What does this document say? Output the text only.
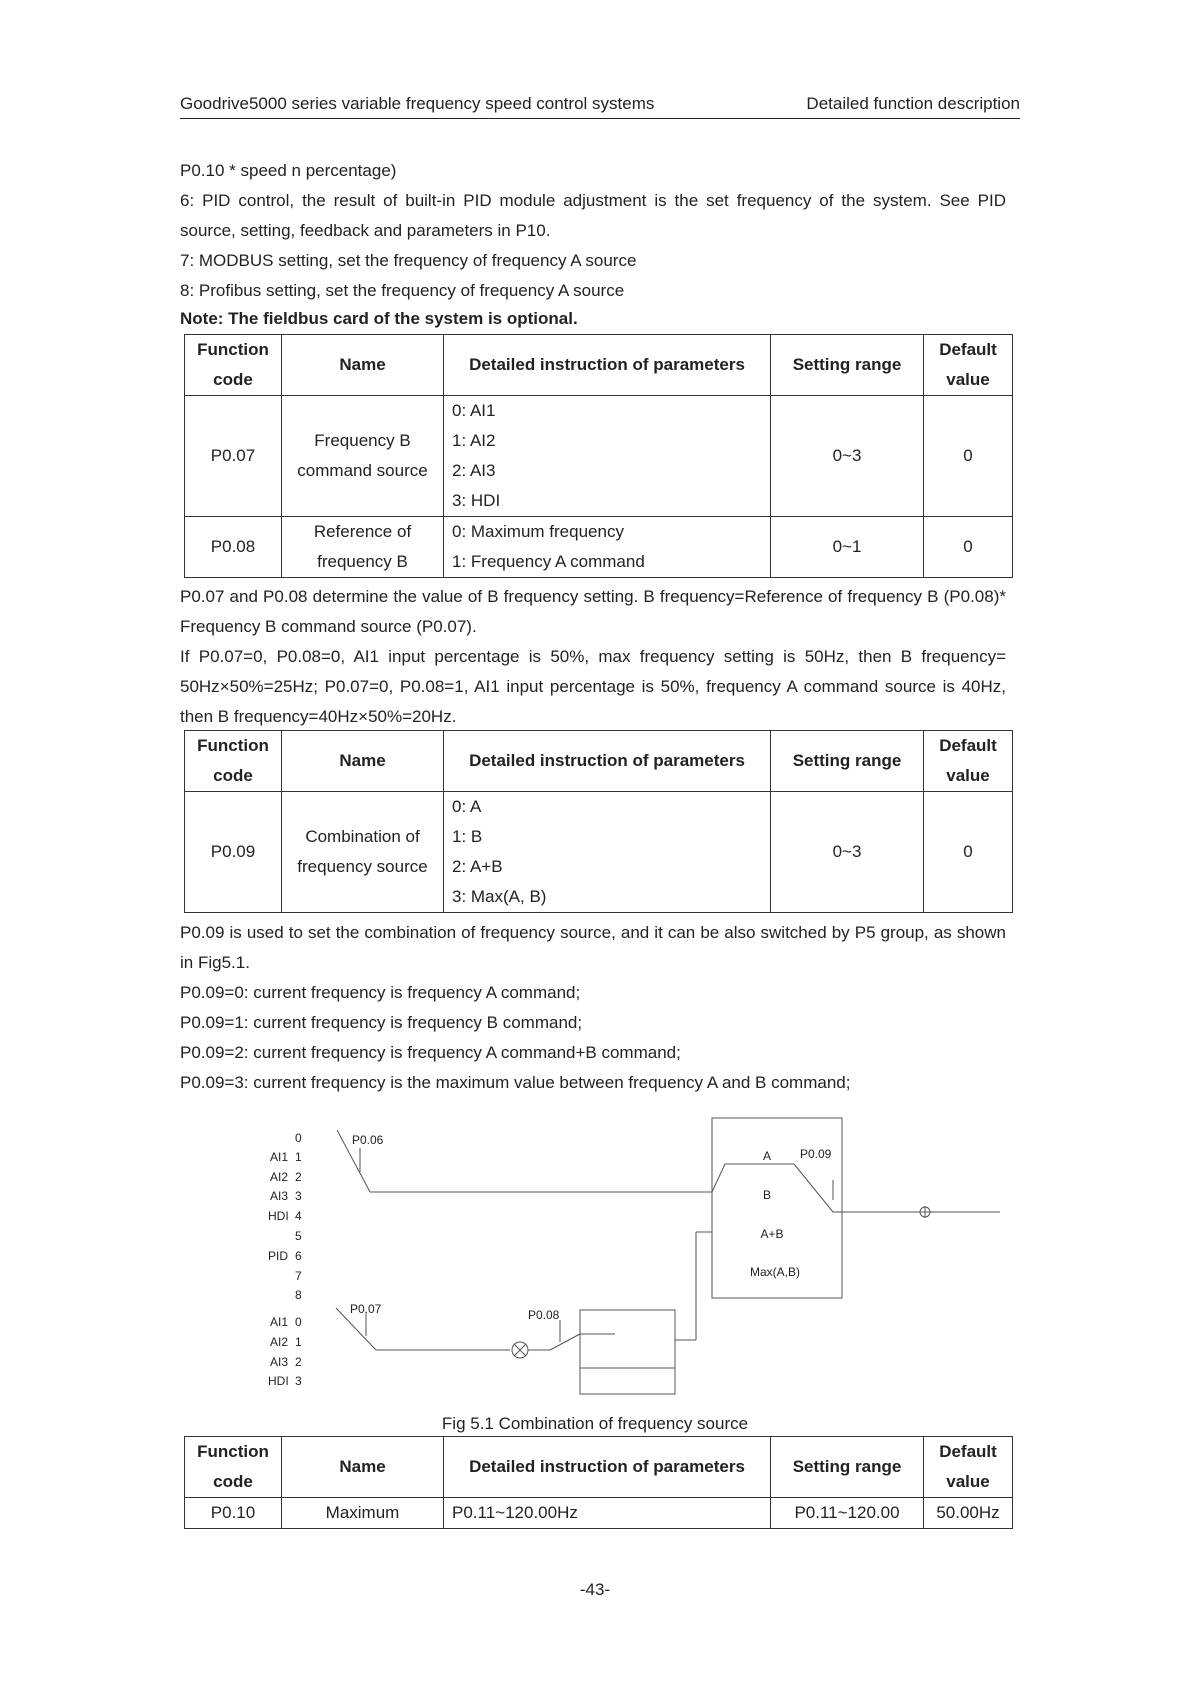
Goodrive5000 series variable frequency speed control systems	Detailed function description

P0.10 * speed n percentage)

6: PID control, the result of built-in PID module adjustment is the set frequency of the system. See PID source, setting, feedback and parameters in P10.

7: MODBUS setting, set the frequency of frequency A source

8: Profibus setting, set the frequency of frequency A source

Note: The fieldbus card of the system is optional.

Function code	Name	Detailed instruction of parameters	Setting range	Default value
P0.07	Frequency B command source	0: AI1
1: AI2
2: AI3
3: HDI	0~3	0
P0.08	Reference of frequency B	0: Maximum frequency
1: Frequency A command	0~1	0

P0.07 and P0.08 determine the value of B frequency setting. B frequency=Reference of frequency B (P0.08)* Frequency B command source (P0.07).

If P0.07=0, P0.08=0, AI1 input percentage is 50%, max frequency setting is 50Hz, then B frequency= 50Hz×50%=25Hz; P0.07=0, P0.08=1, AI1 input percentage is 50%, frequency A command source is 40Hz, then B frequency=40Hz×50%=20Hz.

Function code	Name	Detailed instruction of parameters	Setting range	Default value
P0.09	Combination of frequency source	0: A
1: B
2: A+B
3: Max(A, B)	0~3	0

P0.09 is used to set the combination of frequency source, and it can be also switched by P5 group, as shown in Fig5.1.

P0.09=0: current frequency is frequency A command;

P0.09=1: current frequency is frequency B command;

P0.09=2: current frequency is frequency A command+B command;

P0.09=3: current frequency is the maximum value between frequency A and B command;

0
AI1 1
AI2 2
AI3 3
HDI 4
5
PID 6
7
8
AI1 0
AI2 1
AI3 2
HDI 3
P0.06
P0.07	P0.08
P0.09
A
B
A+B
Max(A,B)
Fig 5.1 Combination of frequency source
Function code	Name	Detailed instruction of parameters	Setting range	Default value
P0.10	Maximum	P0.11~120.00Hz	P0.11~120.00	50.00Hz
-43-
